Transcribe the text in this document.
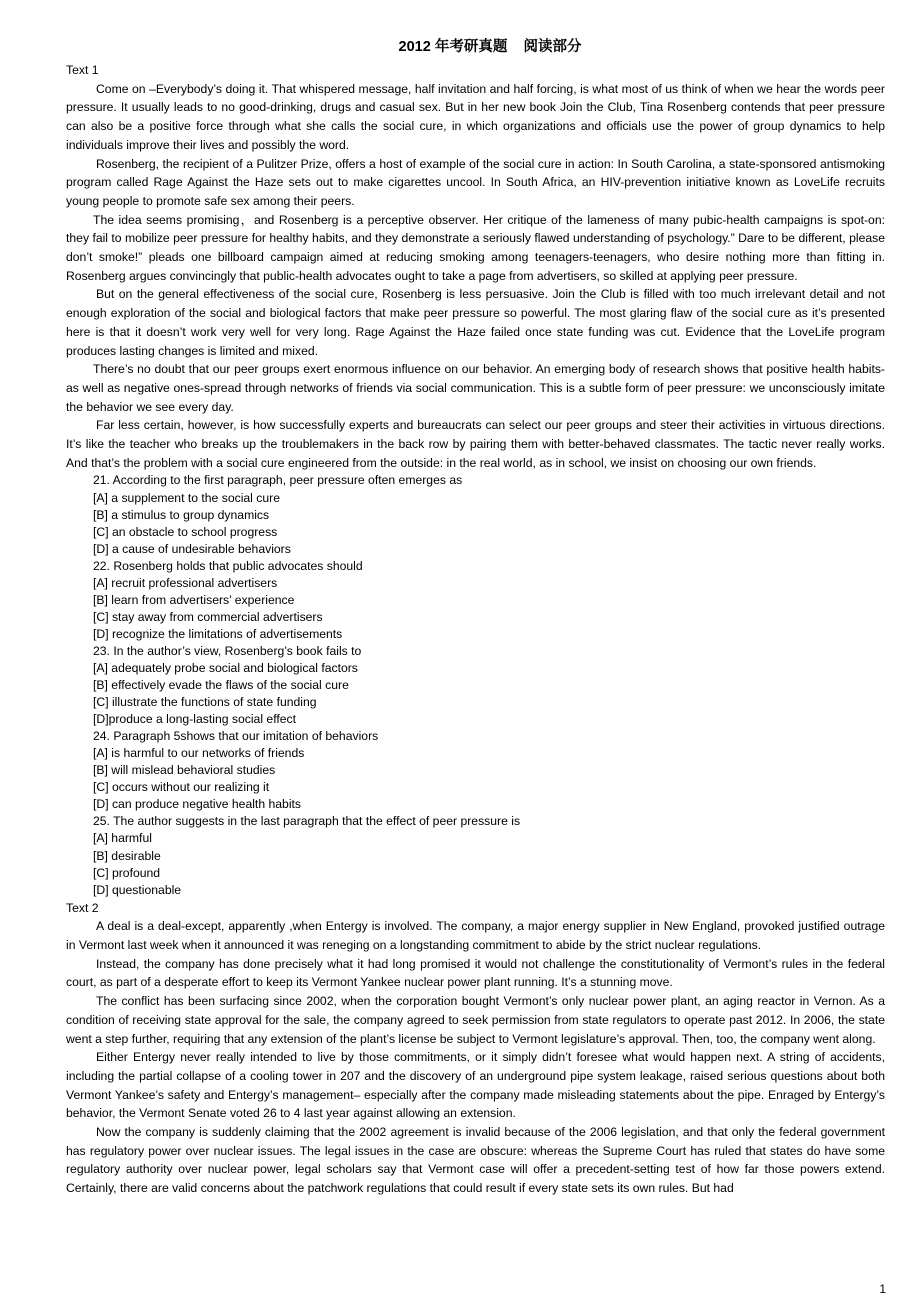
2012 年考研真题    阅读部分

Text 1

Come on –Everybody’s doing it. That whispered message, half invitation and half forcing, is what most of us think of when we hear the words peer pressure. It usually leads to no good-drinking, drugs and casual sex. But in her new book Join the Club, Tina Rosenberg contends that peer pressure can also be a positive force through what she calls the social cure, in which organizations and officials use the power of group dynamics to help individuals improve their lives and possibly the word.

Rosenberg, the recipient of a Pulitzer Prize, offers a host of example of the social cure in action: In South Carolina, a state-sponsored antismoking program called Rage Against the Haze sets out to make cigarettes uncool. In South Africa, an HIV-prevention initiative known as LoveLife recruits young people to promote safe sex among their peers.

The idea seems promising，and Rosenberg is a perceptive observer. Her critique of the lameness of many pubic-health campaigns is spot-on: they fail to mobilize peer pressure for healthy habits, and they demonstrate a seriously flawed understanding of psychology.” Dare to be different, please don’t smoke!” pleads one billboard campaign aimed at reducing smoking among teenagers-teenagers, who desire nothing more than fitting in. Rosenberg argues convincingly that public-health advocates ought to take a page from advertisers, so skilled at applying peer pressure.

But on the general effectiveness of the social cure, Rosenberg is less persuasive. Join the Club is filled with too much irrelevant detail and not enough exploration of the social and biological factors that make peer pressure so powerful. The most glaring flaw of the social cure as it’s presented here is that it doesn’t work very well for very long. Rage Against the Haze failed once state funding was cut. Evidence that the LoveLife program produces lasting changes is limited and mixed.

There’s no doubt that our peer groups exert enormous influence on our behavior. An emerging body of research shows that positive health habits-as well as negative ones-spread through networks of friends via social communication. This is a subtle form of peer pressure: we unconsciously imitate the behavior we see every day.

Far less certain, however, is how successfully experts and bureaucrats can select our peer groups and steer their activities in virtuous directions. It’s like the teacher who breaks up the troublemakers in the back row by pairing them with better-behaved classmates. The tactic never really works. And that’s the problem with a social cure engineered from the outside: in the real world, as in school, we insist on choosing our own friends.

21. According to the first paragraph, peer pressure often emerges as

[A] a supplement to the social cure

[B] a stimulus to group dynamics

[C] an obstacle to school progress

[D] a cause of undesirable behaviors

22. Rosenberg holds that public advocates should

[A] recruit professional advertisers

[B] learn from advertisers’ experience

[C] stay away from commercial advertisers

[D] recognize the limitations of advertisements

23. In the author’s view, Rosenberg’s book fails to

[A] adequately probe social and biological factors

[B] effectively evade the flaws of the social cure

[C] illustrate the functions of state funding

[D]produce a long-lasting social effect

24. Paragraph 5shows that our imitation of behaviors

[A] is harmful to our networks of friends

[B] will mislead behavioral studies

[C] occurs without our realizing it

[D] can produce negative health habits

25. The author suggests in the last paragraph that the effect of peer pressure is

[A] harmful

[B] desirable

[C] profound

[D] questionable

Text 2

A deal is a deal-except, apparently ,when Entergy is involved. The company, a major energy supplier in New England, provoked justified outrage in Vermont last week when it announced it was reneging on a longstanding commitment to abide by the strict nuclear regulations.

Instead, the company has done precisely what it had long promised it would not challenge the constitutionality of Vermont’s rules in the federal court, as part of a desperate effort to keep its Vermont Yankee nuclear power plant running. It’s a stunning move.

The conflict has been surfacing since 2002, when the corporation bought Vermont’s only nuclear power plant, an aging reactor in Vernon. As a condition of receiving state approval for the sale, the company agreed to seek permission from state regulators to operate past 2012. In 2006, the state went a step further, requiring that any extension of the plant’s license be subject to Vermont legislature’s approval. Then, too, the company went along.

Either Entergy never really intended to live by those commitments, or it simply didn’t foresee what would happen next. A string of accidents, including the partial collapse of a cooling tower in 207 and the discovery of an underground pipe system leakage, raised serious questions about both Vermont Yankee’s safety and Entergy’s management– especially after the company made misleading statements about the pipe. Enraged by Entergy’s behavior, the Vermont Senate voted 26 to 4 last year against allowing an extension.

Now the company is suddenly claiming that the 2002 agreement is invalid because of the 2006 legislation, and that only the federal government has regulatory power over nuclear issues. The legal issues in the case are obscure: whereas the Supreme Court has ruled that states do have some regulatory authority over nuclear power, legal scholars say that Vermont case will offer a precedent-setting test of how far those powers extend. Certainly, there are valid concerns about the patchwork regulations that could result if every state sets its own rules. But had

1
